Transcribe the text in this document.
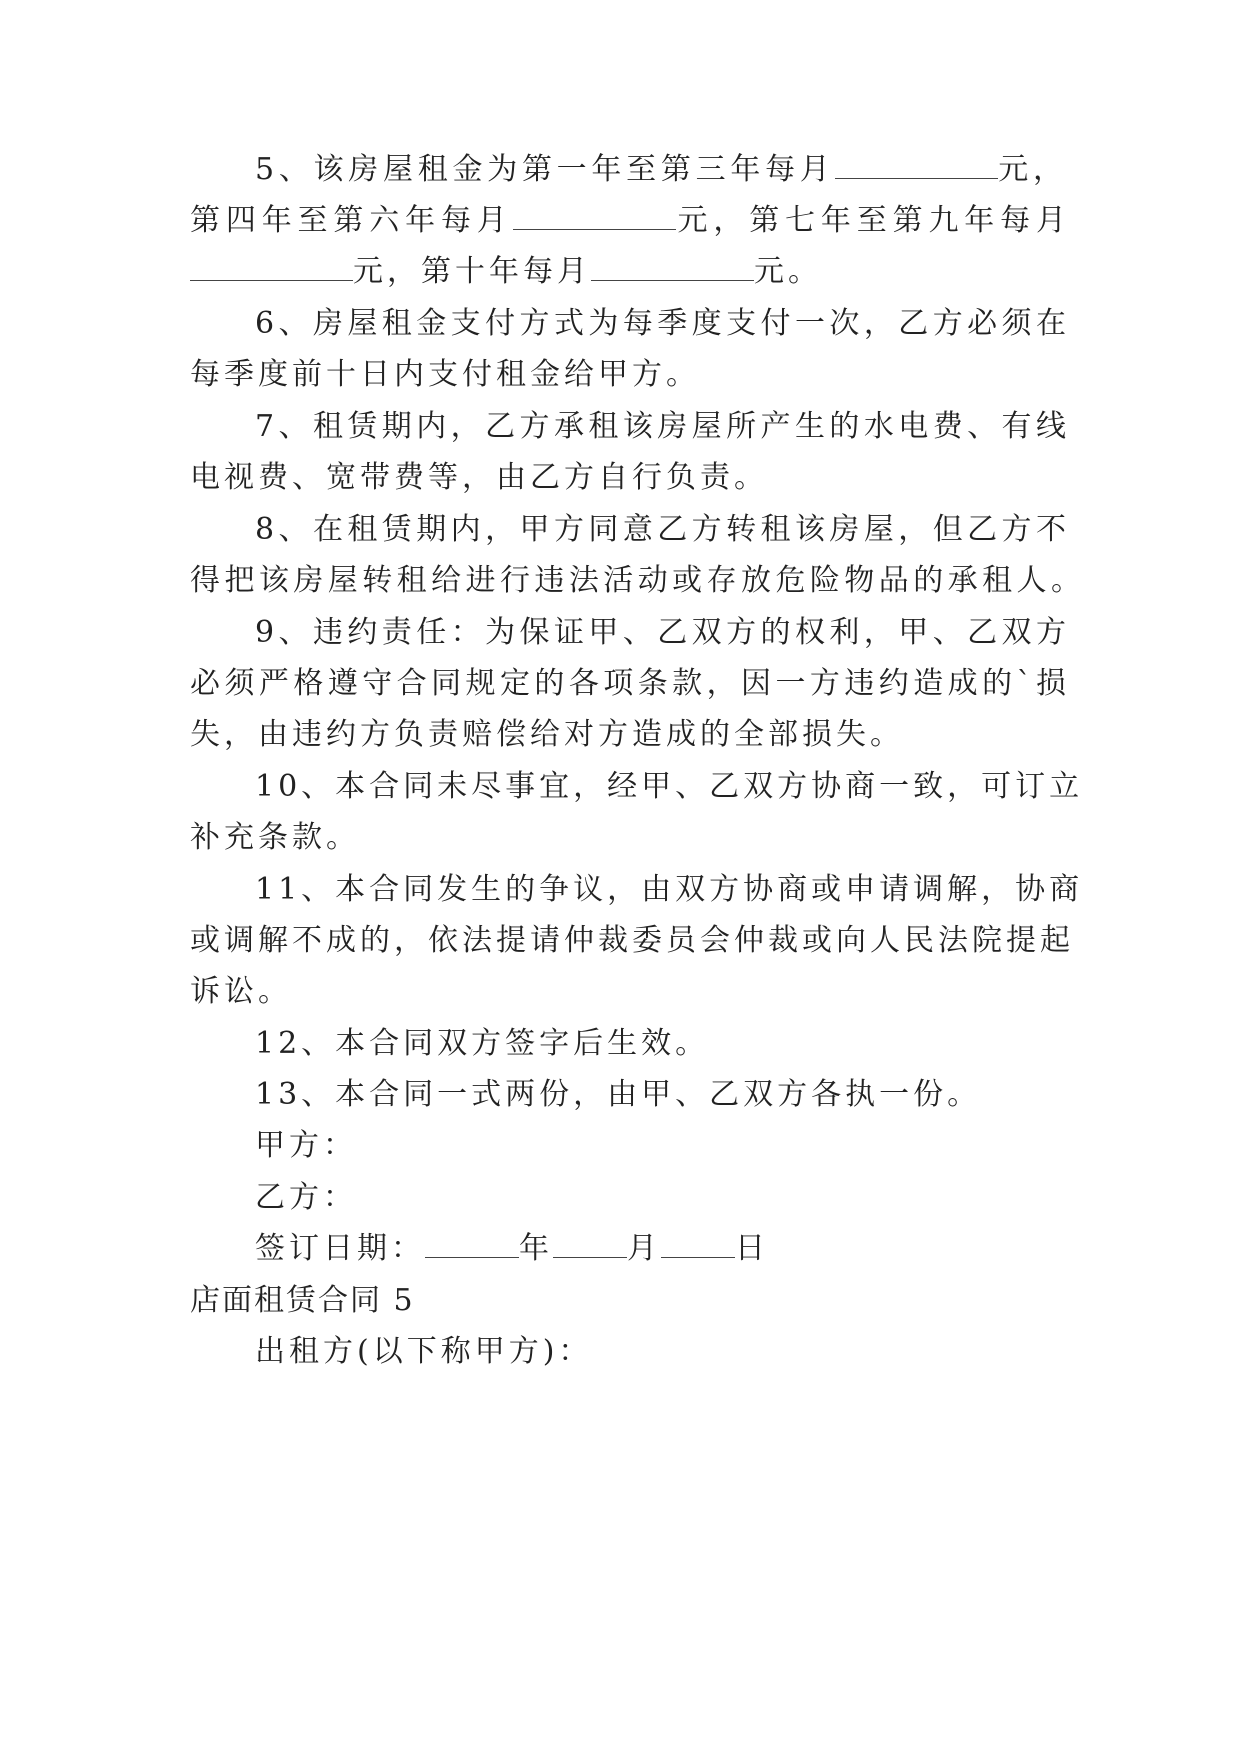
5、该房屋租金为第一年至第三年每月	元，
第四年至第六年每月	元，第七年至第九年每月
元，第十年每月	元。
6、房屋租金支付方式为每季度支付一次，乙方必须在
每季度前十日内支付租金给甲方。
7、租赁期内，乙方承租该房屋所产生的水电费、有线
电视费、宽带费等，由乙方自行负责。
8、在租赁期内，甲方同意乙方转租该房屋，但乙方不
得把该房屋转租给进行违法活动或存放危险物品的承租人。
9、违约责任：为保证甲、乙双方的权利，甲、乙双方
必须严格遵守合同规定的各项条款，因一方违约造成的`损
失，由违约方负责赔偿给对方造成的全部损失。
10、本合同未尽事宜，经甲、乙双方协商一致，可订立
补充条款。
11、本合同发生的争议，由双方协商或申请调解，协商
或调解不成的，依法提请仲裁委员会仲裁或向人民法院提起
诉讼。
12、本合同双方签字后生效。
13、本合同一式两份，由甲、乙双方各执一份。
甲方：
乙方：
签订日期：	年 月 日
店面租赁合同 5
出租方(以下称甲方)：
